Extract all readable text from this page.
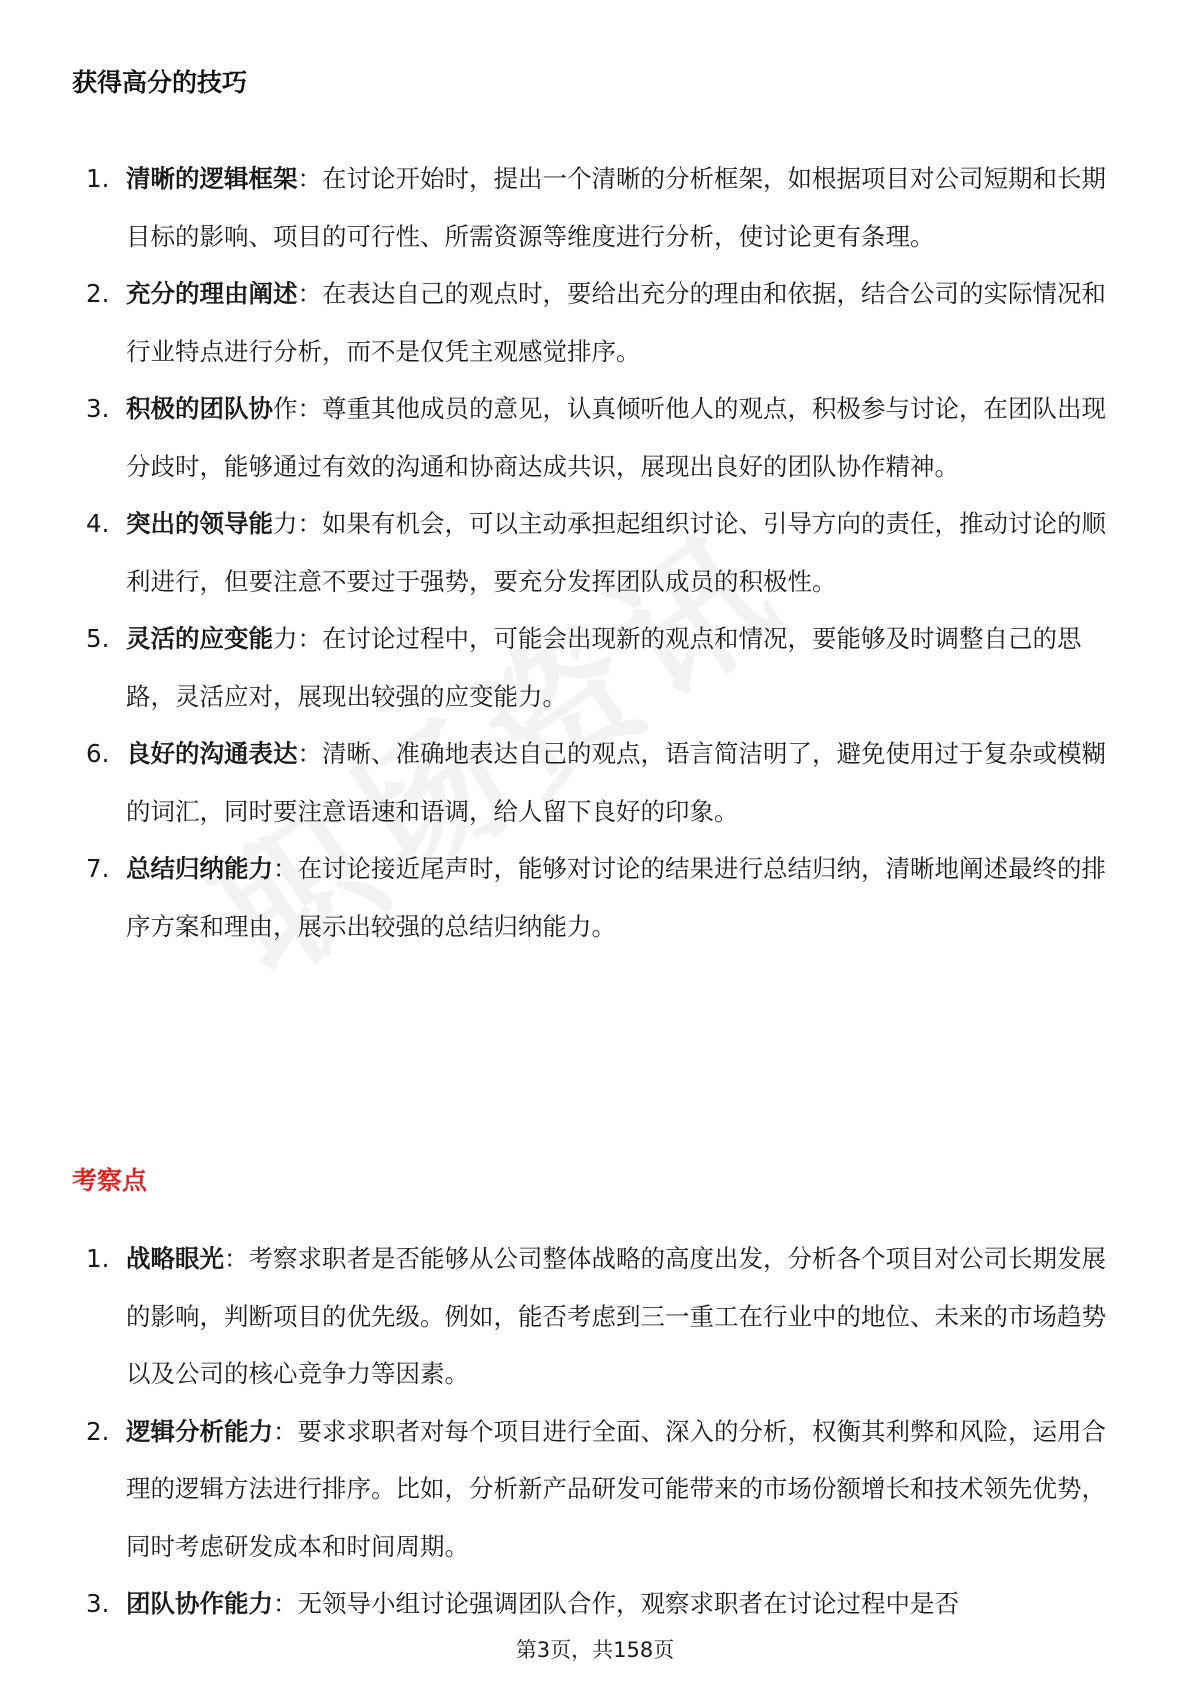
获得高分的技巧
1. 清晰的逻辑框架：在讨论开始时，提出一个清晰的分析框架，如根据项目对公司短期和长期目标的影响、项目的可行性、所需资源等维度进行分析，使讨论更有条理。
2. 充分的理由阐述：在表达自己的观点时，要给出充分的理由和依据，结合公司的实际情况和行业特点进行分析，而不是仅凭主观感觉排序。
3. 积极的团队协作：尊重其他成员的意见，认真倾听他人的观点，积极参与讨论，在团队出现分歧时，能够通过有效的沟通和协商达成共识，展现出良好的团队协作精神。
4. 突出的领导能力：如果有机会，可以主动承担起组织讨论、引导方向的责任，推动讨论的顺利进行，但要注意不要过于强势，要充分发挥团队成员的积极性。
5. 灵活的应变能力：在讨论过程中，可能会出现新的观点和情况，要能够及时调整自己的思路，灵活应对，展现出较强的应变能力。
6. 良好的沟通表达：清晰、准确地表达自己的观点，语言简洁明了，避免使用过于复杂或模糊的词汇，同时要注意语速和语调，给人留下良好的印象。
7. 总结归纳能力：在讨论接近尾声时，能够对讨论的结果进行总结归纳，清晰地阐述最终的排序方案和理由，展示出较强的总结归纳能力。
考察点
1. 战略眼光：考察求职者是否能够从公司整体战略的高度出发，分析各个项目对公司长期发展的影响，判断项目的优先级。例如，能否考虑到三一重工在行业中的地位、未来的市场趋势以及公司的核心竞争力等因素。
2. 逻辑分析能力：要求求职者对每个项目进行全面、深入的分析，权衡其利弊和风险，运用合理的逻辑方法进行排序。比如，分析新产品研发可能带来的市场份额增长和技术领先优势，同时考虑研发成本和时间周期。
3. 团队协作能力：无领导小组讨论强调团队合作，观察求职者在讨论过程中是否
第3页，共158页
